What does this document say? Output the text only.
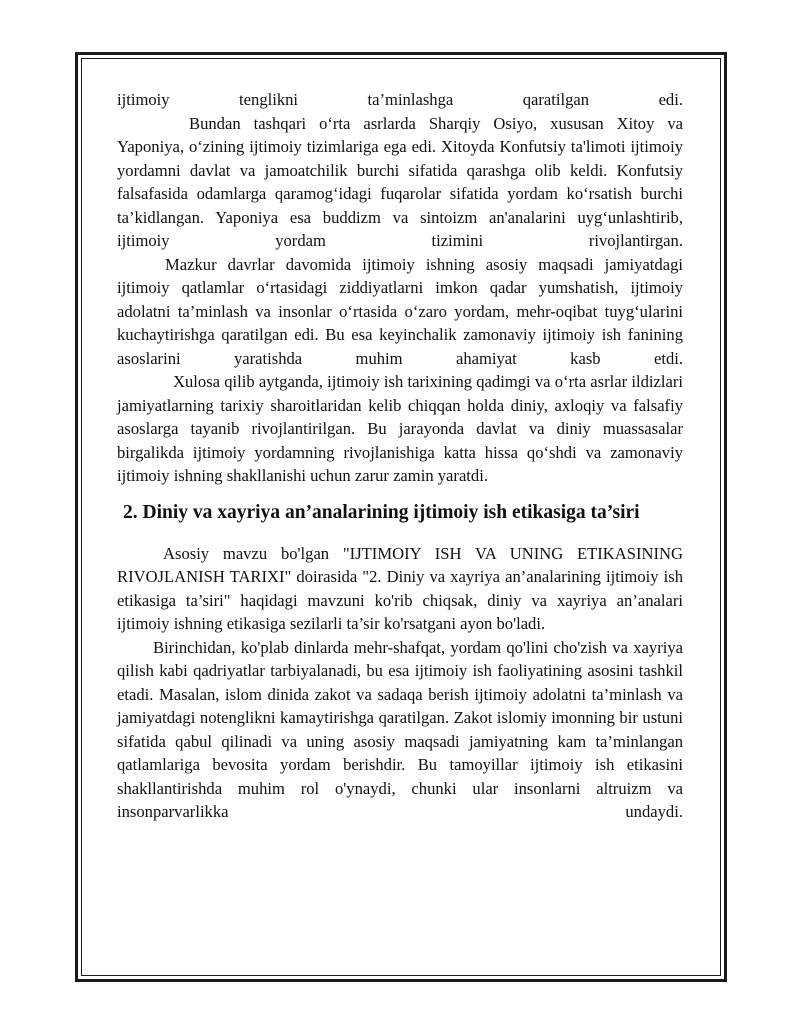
ijtimoiy tenglikni ta’minlashga qaratilgan edi.

Bundan tashqari o‘rta asrlarda Sharqiy Osiyo, xususan Xitoy va Yaponiya, o‘zining ijtimoiy tizimlariga ega edi. Xitoyda Konfutsiy ta'limoti ijtimoiy yordamni davlat va jamoatchilik burchi sifatida qarashga olib keldi. Konfutsiy falsafasida odamlarga qaramog‘idagi fuqarolar sifatida yordam ko‘rsatish burchi ta’kidlangan. Yaponiya esa buddizm va sintoizm an'analarini uyg‘unlashtirib, ijtimoiy yordam tizimini rivojlantirgan.

Mazkur davrlar davomida ijtimoiy ishning asosiy maqsadi jamiyatdagi ijtimoiy qatlamlar o‘rtasidagi ziddiyatlarni imkon qadar yumshatish, ijtimoiy adolatni ta’minlash va insonlar o‘rtasida o‘zaro yordam, mehr-oqibat tuyg‘ularini kuchaytirishga qaratilgan edi. Bu esa keyinchalik zamonaviy ijtimoiy ish fanining asoslarini yaratishda muhim ahamiyat kasb etdi.

Xulosa qilib aytganda, ijtimoiy ish tarixining qadimgi va o‘rta asrlar ildizlari jamiyatlarning tarixiy sharoitlaridan kelib chiqqan holda diniy, axloqiy va falsafiy asoslarga tayanib rivojlantirilgan. Bu jarayonda davlat va diniy muassasalar birgalikda ijtimoiy yordamning rivojlanishiga katta hissa qo‘shdi va zamonaviy ijtimoiy ishning shakllanishi uchun zarur zamin yaratdi.

2. Diniy va xayriya an’analarining ijtimoiy ish etikasiga ta’siri

Asosiy mavzu bo'lgan "IJTIMOIY ISH VA UNING ETIKASINING RIVOJLANISH TARIXI" doirasida "2. Diniy va xayriya an’analarining ijtimoiy ish etikasiga ta’siri" haqidagi mavzuni ko'rib chiqsak, diniy va xayriya an’analari ijtimoiy ishning etikasiga sezilarli ta’sir ko'rsatgani ayon bo'ladi.

Birinchidan, ko'plab dinlarda mehr-shafqat, yordam qo'lini cho'zish va xayriya qilish kabi qadriyatlar tarbiyalanadi, bu esa ijtimoiy ish faoliyatining asosini tashkil etadi. Masalan, islom dinida zakot va sadaqa berish ijtimoiy adolatni ta’minlash va jamiyatdagi notenglikni kamaytirishga qaratilgan. Zakot islomiy imonning bir ustuni sifatida qabul qilinadi va uning asosiy maqsadi jamiyatning kam ta’minlangan qatlamlariga bevosita yordam berishdir. Bu tamoyillar ijtimoiy ish etikasini shakllantirishda muhim rol o'ynaydi, chunki ular insonlarni altruizm va insonparvarlikka undaydi.
